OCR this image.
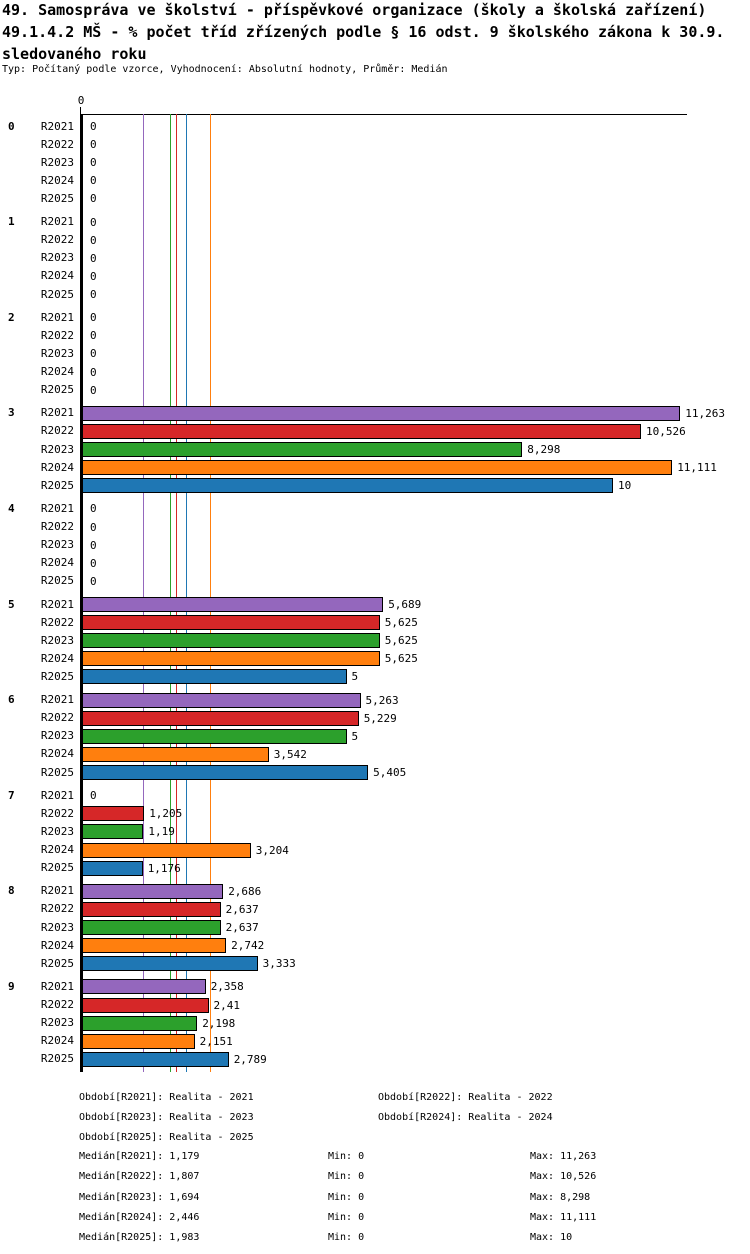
49. Samospráva ve školství - příspěvkové organizace (školy a školská zařízení)
49.1.4.2 MŠ - % počet tříd zřízených podle § 16 odst. 9 školského zákona k 30.9.
sledovaného roku
Typ: Počítaný podle vzorce, Vyhodnocení: Absolutní hodnoty, Průměr: Medián
0
0	R2021 0
R2022 0
R2023 0
R2024 0
R2025 0
1	R2021 0
R2022 0
R2023 0
R2024 0
R2025 0
2	R2021 0
R2022 0
R2023 0
R2024 0
R2025 0
3	R2021	11,263
R2022	10,526
R2023	8,298
R2024	11,111
R2025	10
4	R2021 0
R2022 0
R2023 0
R2024 0
R2025 0
5	R2021	5,689
R2022	5,625
R2023	5,625
R2024	5,625
R2025	5
6	R2021	5,263
R2022	5,229
R2023	5
R2024	3,542
R2025	5,405
7	R2021 0
R2022	1,205
R2023	1,19
R2024	3,204
R2025	1,176
8	R2021	2,686
R2022	2,637
R2023	2,637
R2024	2,742
R2025	3,333
9	R2021	2,358
R2022	2,41
R2023	2,198
R2024	2,151
R2025	2,789
Období[R2021]: Realita - 2021	Období[R2022]: Realita - 2022
Období[R2023]: Realita - 2023	Období[R2024]: Realita - 2024
Období[R2025]: Realita - 2025
Medián[R2021]: 1,179	Min: 0	Max: 11,263
Medián[R2022]: 1,807	Min: 0	Max: 10,526
Medián[R2023]: 1,694	Min: 0	Max: 8,298
Medián[R2024]: 2,446	Min: 0	Max: 11,111
Medián[R2025]: 1,983	Min: 0	Max: 10
